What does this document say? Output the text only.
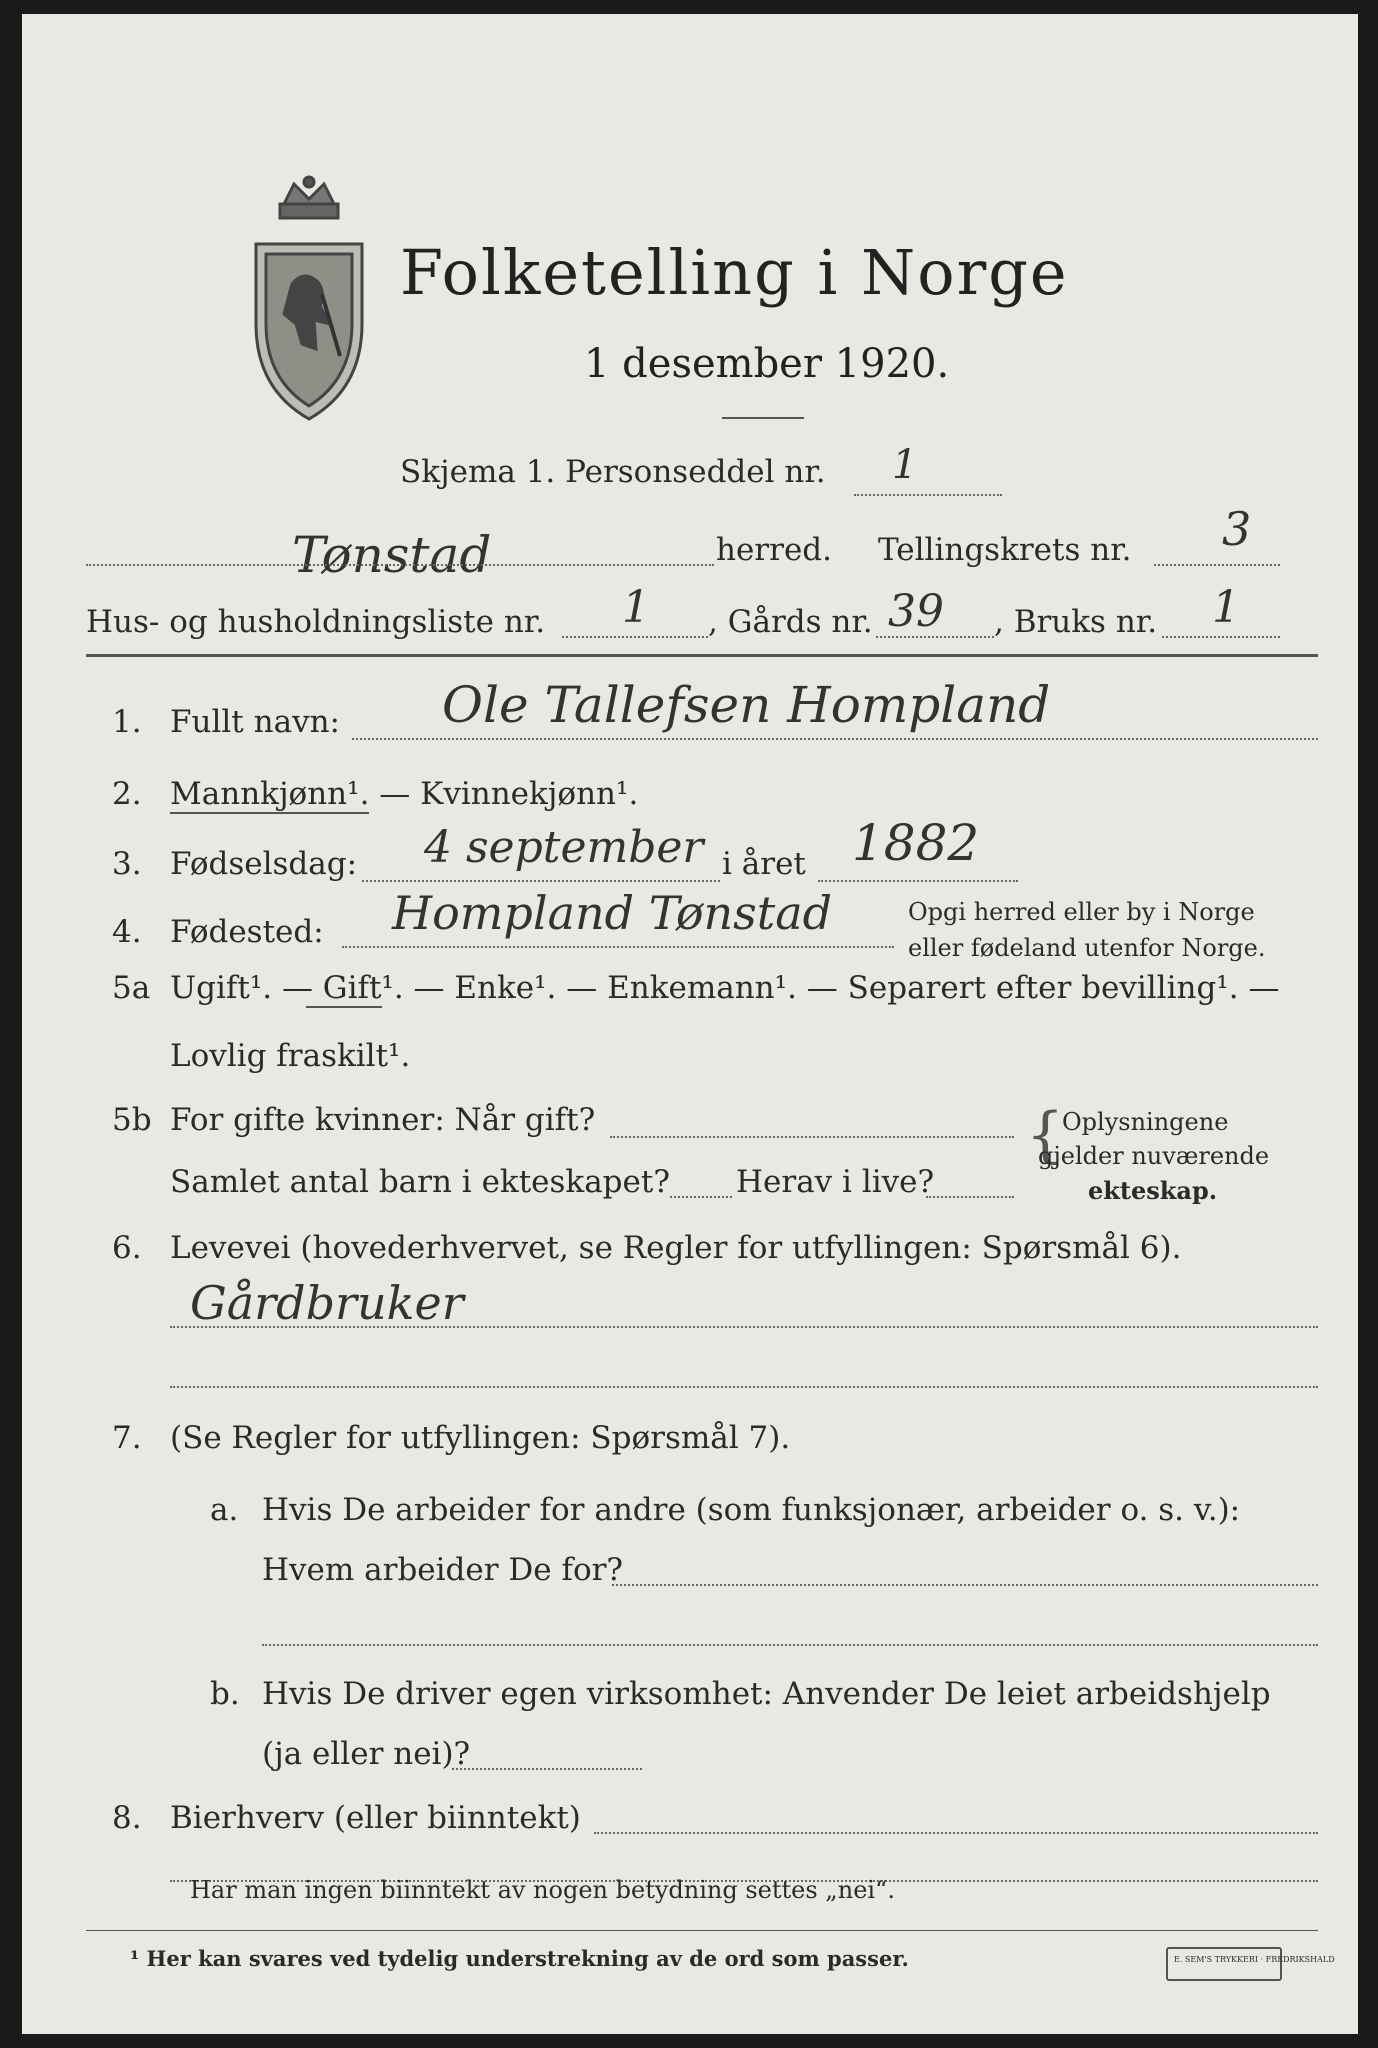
Folketelling i Norge
1 desember 1920.
Skjema 1. Personseddel nr. 1
Tønstad	herred. Tellingskrets nr. 3
Hus- og husholdningsliste nr. 1 , Gårds nr. 39 , Bruks nr. 1
1. Fullt navn: Ole Tallefsen Hompland
2. Mannkjønn¹. — Kvinnekjønn¹.
3. Fødselsdag: 4 september i året 1882
4. Fødested: Hompland Tønstad	Opgi herred eller by i Norge
eller fødeland utenfor Norge.
5a Ugift¹. — Gift¹. — Enke¹. — Enkemann¹. — Separert efter bevilling¹. —
Lovlig fraskilt¹.
5b For gifte kvinner: Når gift?
Samlet antal barn i ekteskapet? Herav i live?
{
Oplysningene
gjelder nuværende
ekteskap.
6. Levevei (hovederhvervet, se Regler for utfyllingen: Spørsmål 6).
Gårdbruker
7. (Se Regler for utfyllingen: Spørsmål 7).
a. Hvis De arbeider for andre (som funksjonær, arbeider o. s. v.):
Hvem arbeider De for?
b. Hvis De driver egen virksomhet: Anvender De leiet arbeidshjelp
(ja eller nei)?
8. Bierhverv (eller biinntekt)
Har man ingen biinntekt av nogen betydning settes „nei“.
¹ Her kan svares ved tydelig understrekning av de ord som passer.	E. SEM'S TRYKKERI · FREDRIKSHALD
